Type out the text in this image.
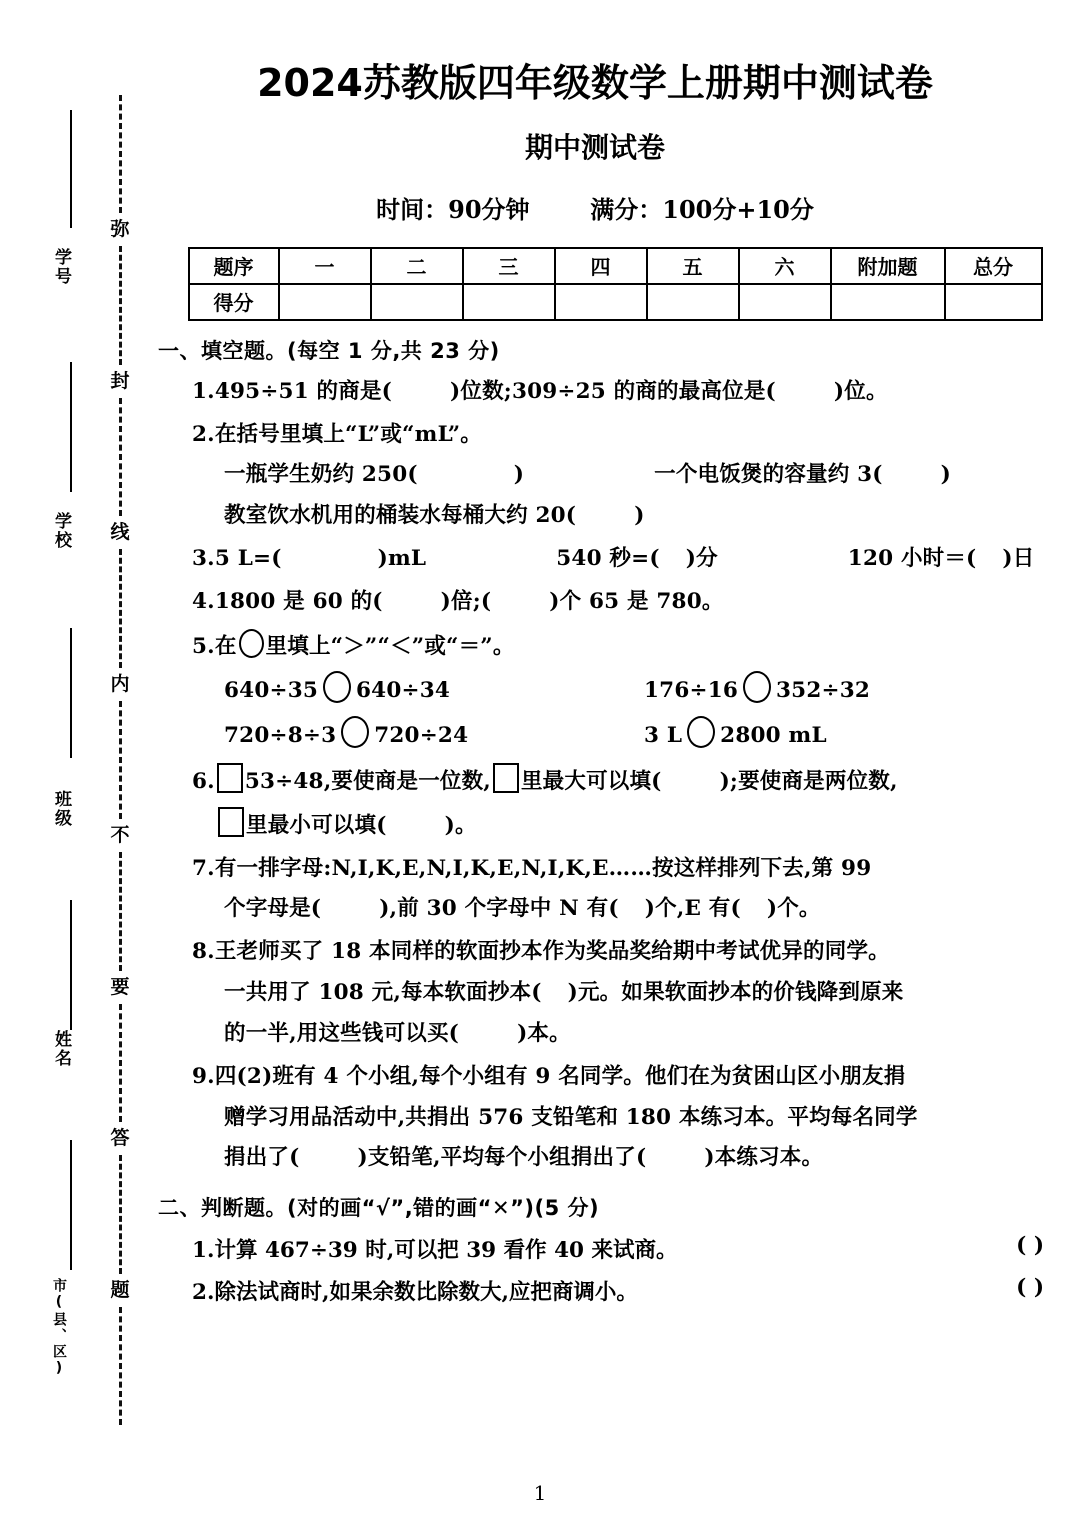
学号
学校
班级
姓名
市(县、区)
弥
封
线
内
不
要
答
题
2024苏教版四年级数学上册期中测试卷
期中测试卷
时间：90分钟	满分：100分+10分
题序	一	二	三	四	五	六	附加题	总分
得分								
一、填空题。(每空 1 分,共 23 分)
1.495÷51 的商是(	)位数;309÷25 的商的最高位是(	)位。
2.在括号里填上“L”或“mL”。
一瓶学生奶约 250(	)	一个电饭煲的容量约 3(	)
教室饮水机用的桶装水每桶大约 20(	)
3.5 L=(	)mL	540 秒=( )分	120 小时＝( )日
4.1800 是 60 的(	)倍;(	)个 65 是 780。
5.在 里填上“＞”“＜”或“＝”。
640÷35 640÷34	176÷16 352÷32
720÷8÷3 720÷24	3 L 2800 mL
6. 53÷48,要使商是一位数, 里最大可以填(	);要使商是两位数,
里最小可以填(	)。
7.有一排字母:N,I,K,E,N,I,K,E,N,I,K,E……按这样排列下去,第 99
个字母是(	),前 30 个字母中 N 有( )个,E 有( )个。
8.王老师买了 18 本同样的软面抄本作为奖品奖给期中考试优异的同学。
一共用了 108 元,每本软面抄本( )元。如果软面抄本的价钱降到原来
的一半,用这些钱可以买(	)本。
9.四(2)班有 4 个小组,每个小组有 9 名同学。他们在为贫困山区小朋友捐
赠学习用品活动中,共捐出 576 支铅笔和 180 本练习本。平均每名同学
捐出了(	)支铅笔,平均每个小组捐出了(	)本练习本。
二、判断题。(对的画“√”,错的画“✕”)(5 分)
1.计算 467÷39 时,可以把 39 看作 40 来试商。	( )
2.除法试商时,如果余数比除数大,应把商调小。	( )
1
